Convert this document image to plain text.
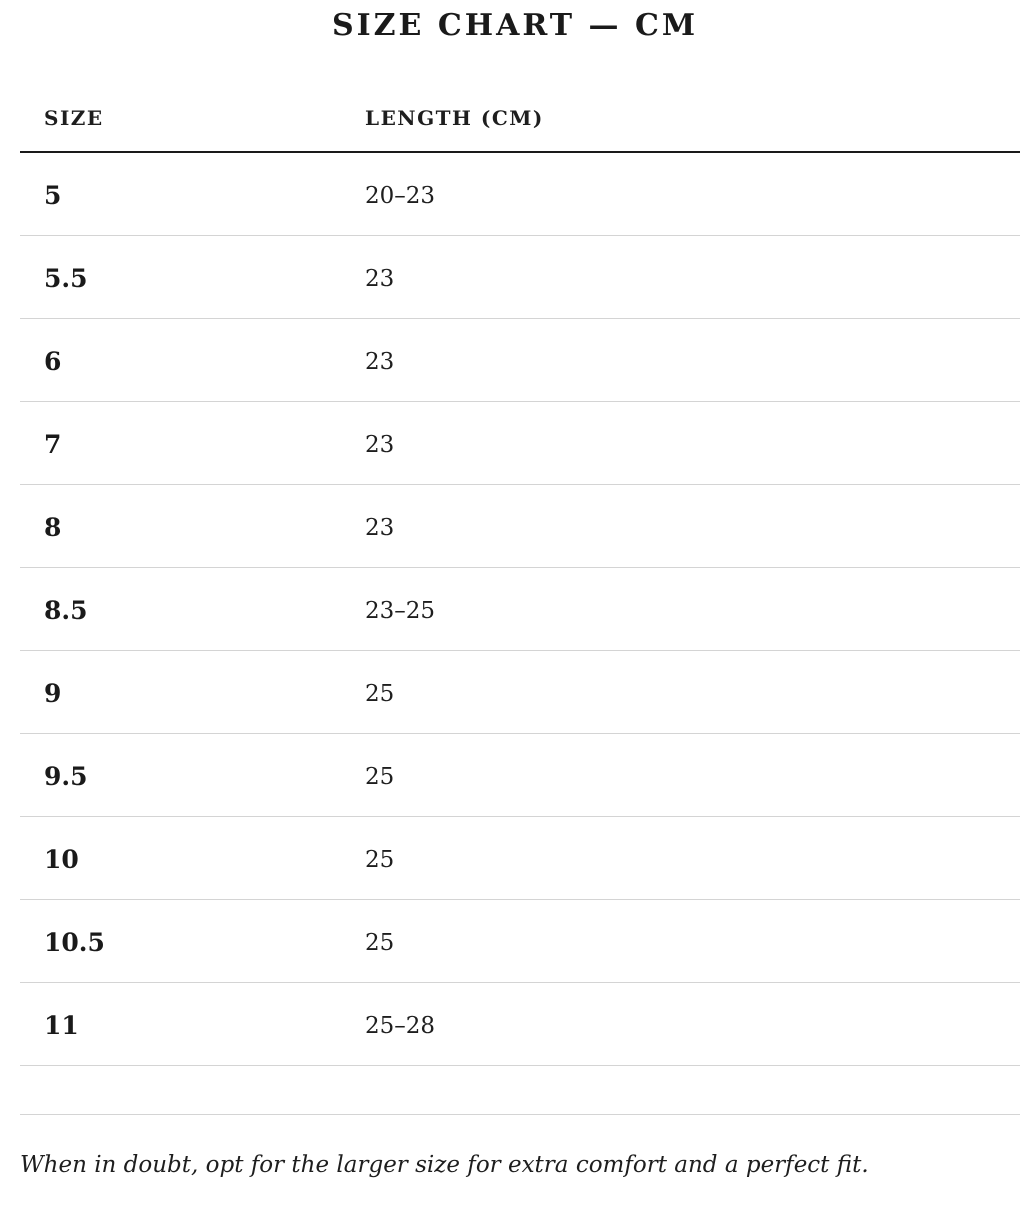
SIZE CHART — CM
SIZE	LENGTH (CM)
5	20–23
5.5	23
6	23
7	23
8	23
8.5	23–25
9	25
9.5	25
10	25
10.5	25
11	25–28
When in doubt, opt for the larger size for extra comfort and a perfect fit.
